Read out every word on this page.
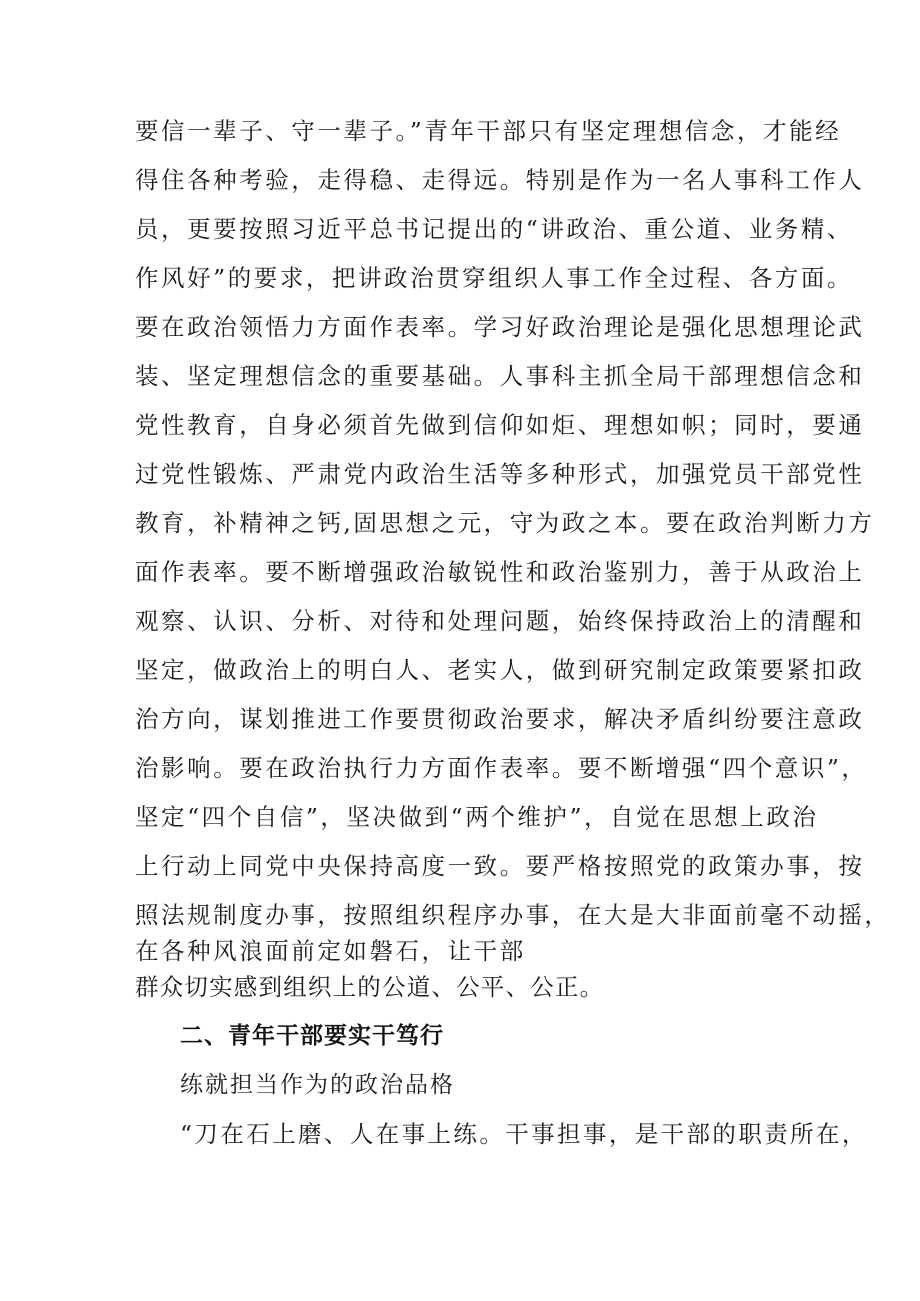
要信一辈子、守一辈子。”青年干部只有坚定理想信念，才能经
得住各种考验，走得稳、走得远。特别是作为一名人事科工作人
员，更要按照习近平总书记提出的“讲政治、重公道、业务精、
作风好”的要求，把讲政治贯穿组织人事工作全过程、各方面。
要在政治领悟力方面作表率。学习好政治理论是强化思想理论武
装、坚定理想信念的重要基础。人事科主抓全局干部理想信念和
党性教育，自身必须首先做到信仰如炬、理想如帜；同时，要通
过党性锻炼、严肃党内政治生活等多种形式，加强党员干部党性
教育，补精神之钙,固思想之元，守为政之本。要在政治判断力方
面作表率。要不断增强政治敏锐性和政治鉴别力，善于从政治上
观察、认识、分析、对待和处理问题，始终保持政治上的清醒和
坚定，做政治上的明白人、老实人，做到研究制定政策要紧扣政
治方向，谋划推进工作要贯彻政治要求，解决矛盾纠纷要注意政
治影响。要在政治执行力方面作表率。要不断增强“四个意识”，
坚定“四个自信”，坚决做到“两个维护”，自觉在思想上政治
上行动上同党中央保持高度一致。要严格按照党的政策办事，按
照法规制度办事，按照组织程序办事，在大是大非面前毫不动摇，
在各种风浪面前定如磐石，让干部
群众切实感到组织上的公道、公平、公正。
二、青年干部要实干笃行
练就担当作为的政治品格
“刀在石上磨、人在事上练。干事担事，是干部的职责所在，
